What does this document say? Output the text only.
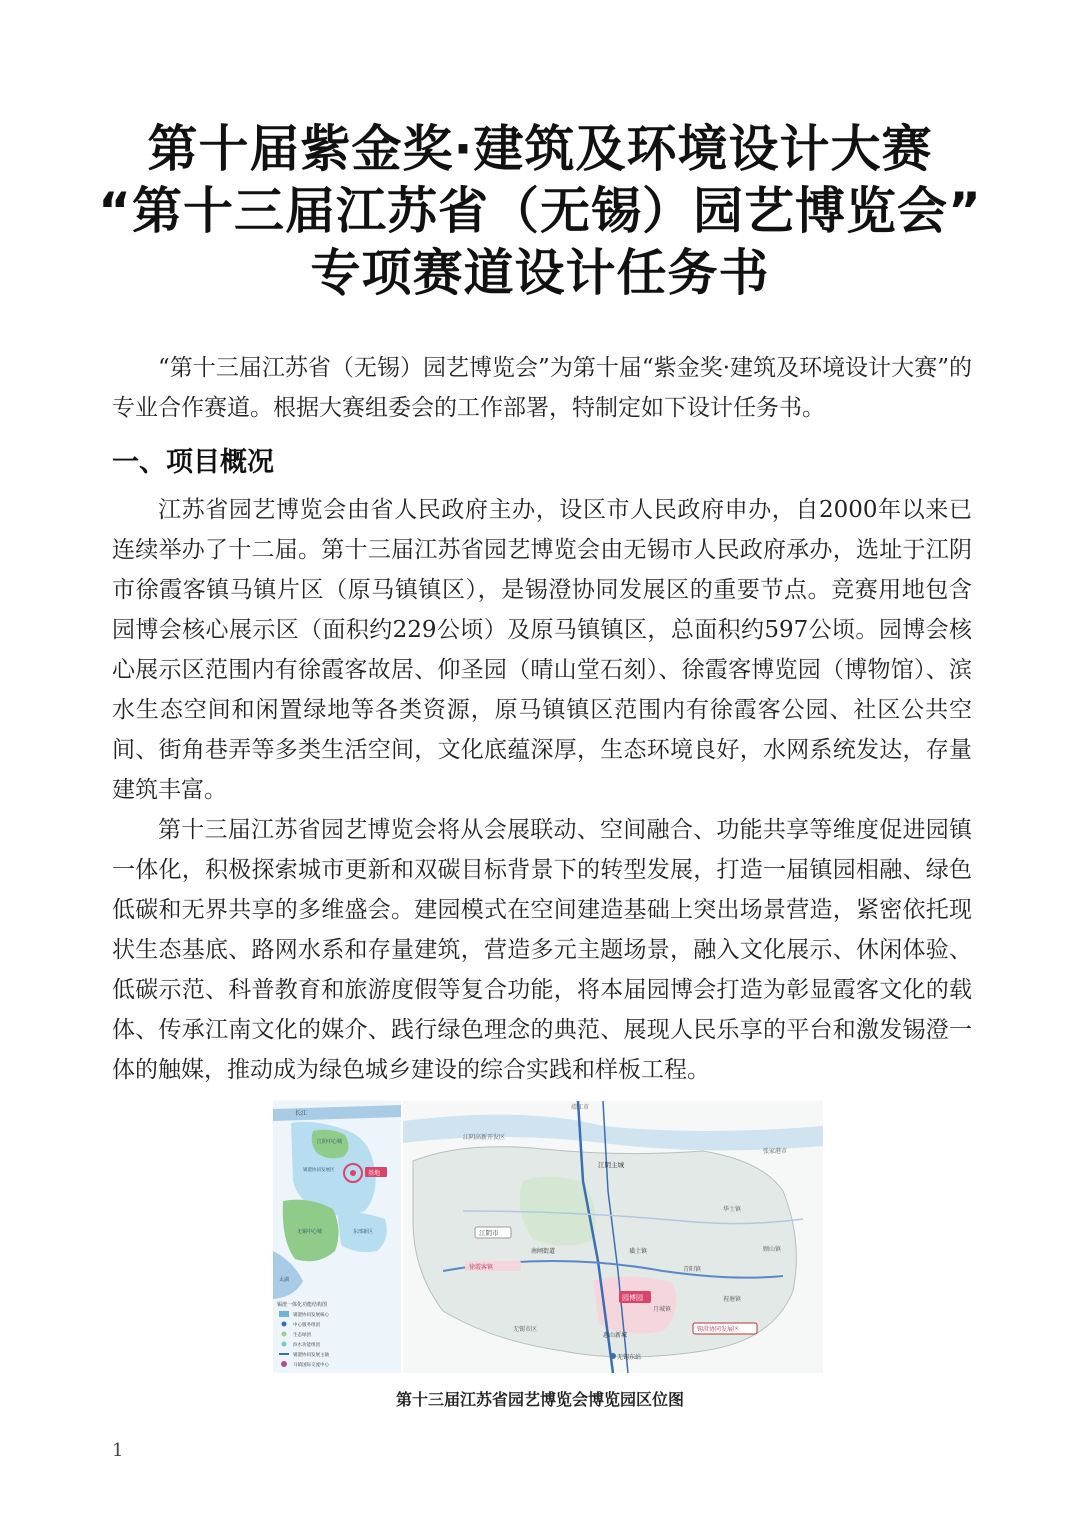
第十届紫金奖·建筑及环境设计大赛
“第十三届江苏省（无锡）园艺博览会”
专项赛道设计任务书

“第十三届江苏省（无锡）园艺博览会”为第十届“紫金奖·建筑及环境设计大赛”的专业合作赛道。根据大赛组委会的工作部署，特制定如下设计任务书。

一、项目概况

江苏省园艺博览会由省人民政府主办，设区市人民政府申办，自2000年以来已连续举办了十二届。第十三届江苏省园艺博览会由无锡市人民政府承办，选址于江阴市徐霞客镇马镇片区（原马镇镇区），是锡澄协同发展区的重要节点。竞赛用地包含园博会核心展示区（面积约229公顷）及原马镇镇区，总面积约597公顷。园博会核心展示区范围内有徐霞客故居、仰圣园（晴山堂石刻）、徐霞客博览园（博物馆）、滨水生态空间和闲置绿地等各类资源，原马镇镇区范围内有徐霞客公园、社区公共空间、街角巷弄等多类生活空间，文化底蕴深厚，生态环境良好，水网系统发达，存量建筑丰富。

第十三届江苏省园艺博览会将从会展联动、空间融合、功能共享等维度促进园镇一体化，积极探索城市更新和双碳目标背景下的转型发展，打造一届镇园相融、绿色低碳和无界共享的多维盛会。建园模式在空间建造基础上突出场景营造，紧密依托现状生态基底、路网水系和存量建筑，营造多元主题场景，融入文化展示、休闲体验、低碳示范、科普教育和旅游度假等复合功能，将本届园博会打造为彰显霞客文化的载体、传承江南文化的媒介、践行绿色理念的典范、展现人民乐享的平台和激发锡澄一体的触媒，推动成为绿色城乡建设的综合实践和样板工程。

长江
江阴中心城
基地
锡澄协同发展区
无锡中心城	东部新区
太湖
锡澄一体化功能结构图
锡澄协同发展核心
中心服务组团
生态绿团
滨水功能组团
锡澄协同发展主轴
马镇国际交流中心
园博园
靖江市
江阴高新开发区
江阴主城
张家港市
江阴市
南闸街道	璜土镇
徐霞客镇
华士镇
青阳镇
月城镇
顾山镇
祝塘镇
锡澄协同发展区
无锡市区
惠山新城
无锡东站
第十三届江苏省园艺博览会博览园区位图
1
